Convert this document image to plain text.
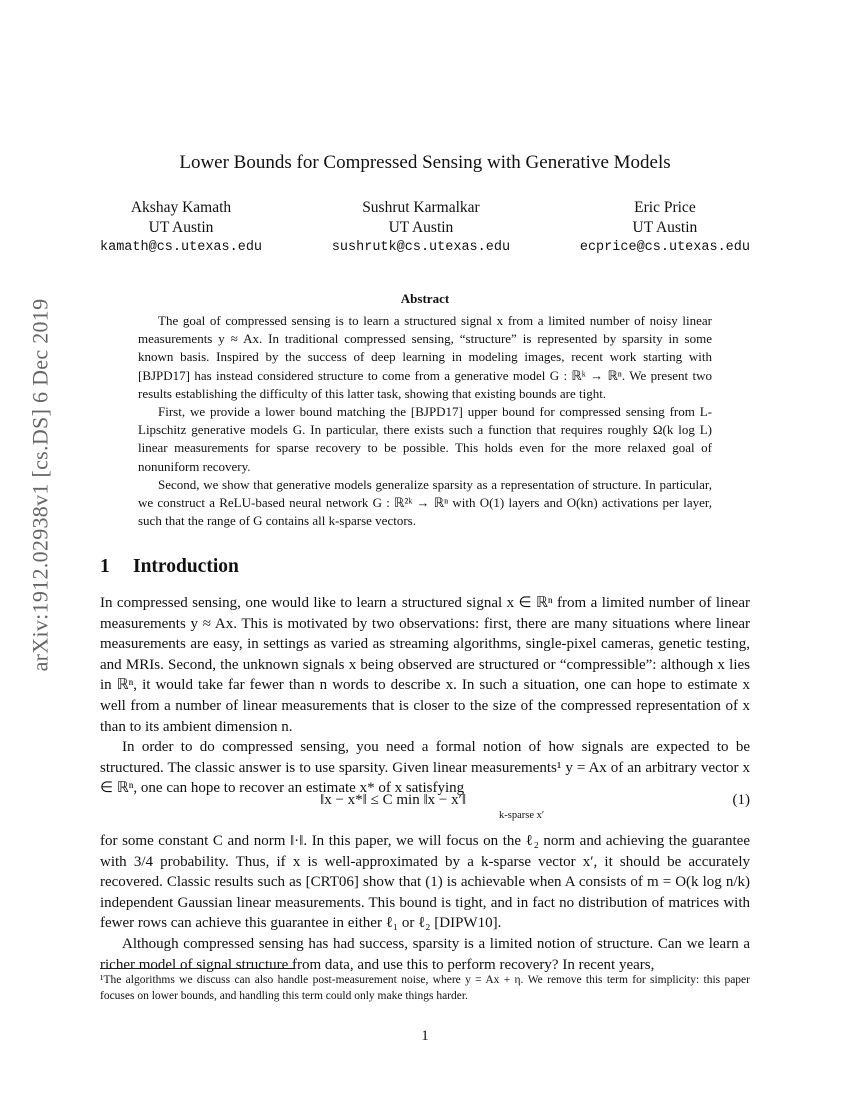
arXiv:1912.02938v1 [cs.DS] 6 Dec 2019
Lower Bounds for Compressed Sensing with Generative Models
Akshay Kamath
UT Austin
kamath@cs.utexas.edu
Sushrut Karmalkar
UT Austin
sushrutk@cs.utexas.edu
Eric Price
UT Austin
ecprice@cs.utexas.edu
Abstract

The goal of compressed sensing is to learn a structured signal x from a limited number of noisy linear measurements y ≈ Ax. In traditional compressed sensing, “structure” is represented by sparsity in some known basis. Inspired by the success of deep learning in modeling images, recent work starting with [BJPD17] has instead considered structure to come from a generative model G : ℝᵏ → ℝⁿ. We present two results establishing the difficulty of this latter task, showing that existing bounds are tight.

First, we provide a lower bound matching the [BJPD17] upper bound for compressed sensing from L-Lipschitz generative models G. In particular, there exists such a function that requires roughly Ω(k log L) linear measurements for sparse recovery to be possible. This holds even for the more relaxed goal of nonuniform recovery.

Second, we show that generative models generalize sparsity as a representation of structure. In particular, we construct a ReLU-based neural network G : ℝ²ᵏ → ℝⁿ with O(1) layers and O(kn) activations per layer, such that the range of G contains all k-sparse vectors.

1 Introduction

In compressed sensing, one would like to learn a structured signal x ∈ ℝⁿ from a limited number of linear measurements y ≈ Ax. This is motivated by two observations: first, there are many situations where linear measurements are easy, in settings as varied as streaming algorithms, single-pixel cameras, genetic testing, and MRIs. Second, the unknown signals x being observed are structured or “compressible”: although x lies in ℝⁿ, it would take far fewer than n words to describe x. In such a situation, one can hope to estimate x well from a number of linear measurements that is closer to the size of the compressed representation of x than to its ambient dimension n.

In order to do compressed sensing, you need a formal notion of how signals are expected to be structured. The classic answer is to use sparsity. Given linear measurements¹ y = Ax of an arbitrary vector x ∈ ℝⁿ, one can hope to recover an estimate x* of x satisfying

‖x − x*‖ ≤ C min ‖x − x′‖
k-sparse x′
(1)

for some constant C and norm ‖·‖. In this paper, we will focus on the ℓ₂ norm and achieving the guarantee with 3/4 probability. Thus, if x is well-approximated by a k-sparse vector x′, it should be accurately recovered. Classic results such as [CRT06] show that (1) is achievable when A consists of m = O(k log n/k) independent Gaussian linear measurements. This bound is tight, and in fact no distribution of matrices with fewer rows can achieve this guarantee in either ℓ₁ or ℓ₂ [DIPW10].

Although compressed sensing has had success, sparsity is a limited notion of structure. Can we learn a richer model of signal structure from data, and use this to perform recovery? In recent years,

¹The algorithms we discuss can also handle post-measurement noise, where y = Ax + η. We remove this term for simplicity: this paper focuses on lower bounds, and handling this term could only make things harder.
1
